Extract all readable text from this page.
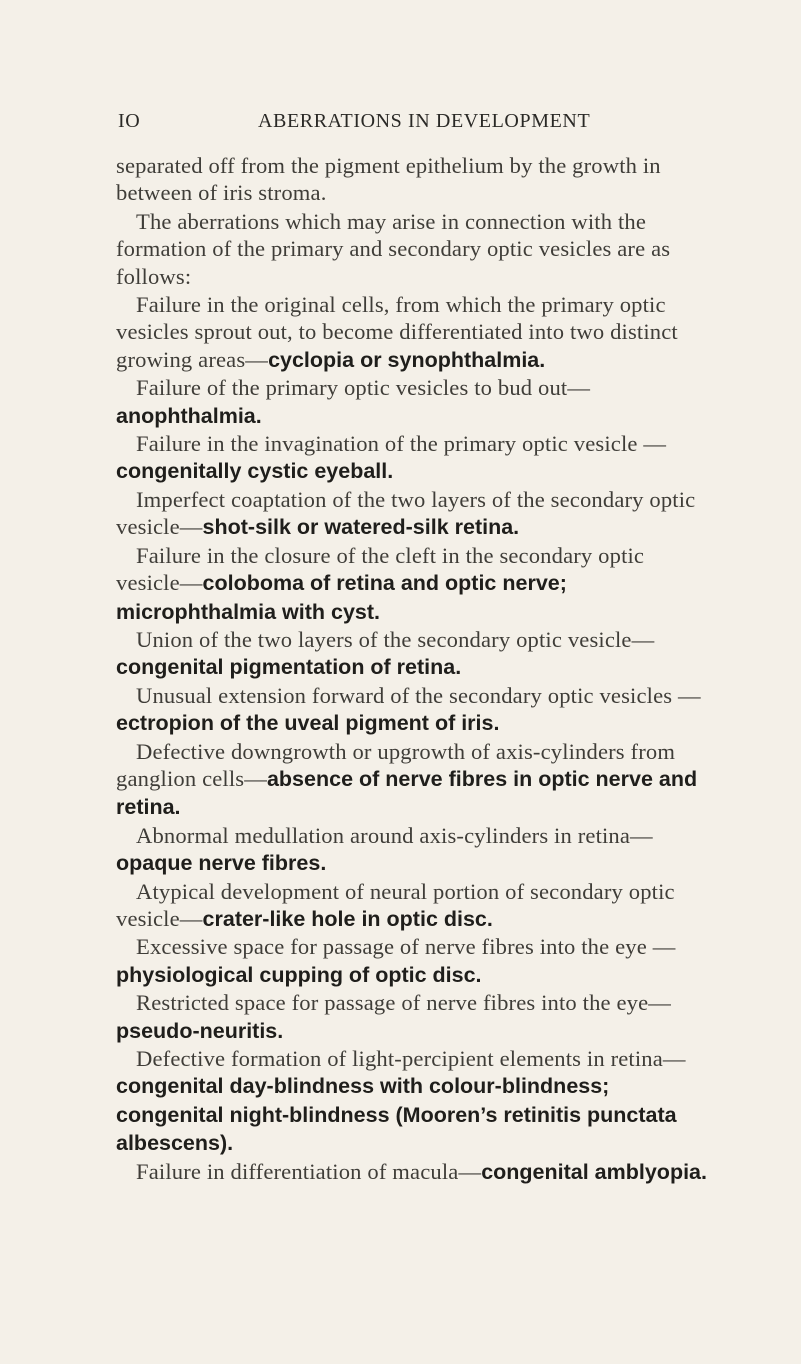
IO	ABERRATIONS IN DEVELOPMENT

separated off from the pigment epithelium by the growth in between of iris stroma.

The aberrations which may arise in connection with the formation of the primary and secondary optic vesicles are as follows:

Failure in the original cells, from which the primary optic vesicles sprout out, to become differentiated into two distinct growing areas—cyclopia or synophthalmia.

Failure of the primary optic vesicles to bud out—anophthalmia.

Failure in the invagination of the primary optic vesicle —congenitally cystic eyeball.

Imperfect coaptation of the two layers of the secondary optic vesicle—shot-silk or watered-silk retina.

Failure in the closure of the cleft in the secondary optic vesicle—coloboma of retina and optic nerve; microphthalmia with cyst.

Union of the two layers of the secondary optic vesicle—congenital pigmentation of retina.

Unusual extension forward of the secondary optic vesicles —ectropion of the uveal pigment of iris.

Defective downgrowth or upgrowth of axis-cylinders from ganglion cells—absence of nerve fibres in optic nerve and retina.

Abnormal medullation around axis-cylinders in retina—opaque nerve fibres.

Atypical development of neural portion of secondary optic vesicle—crater-like hole in optic disc.

Excessive space for passage of nerve fibres into the eye —physiological cupping of optic disc.

Restricted space for passage of nerve fibres into the eye—pseudo-neuritis.

Defective formation of light-percipient elements in retina—congenital day-blindness with colour-blindness; congenital night-blindness (Mooren’s retinitis punctata albescens).

Failure in differentiation of macula—congenital amblyopia.
